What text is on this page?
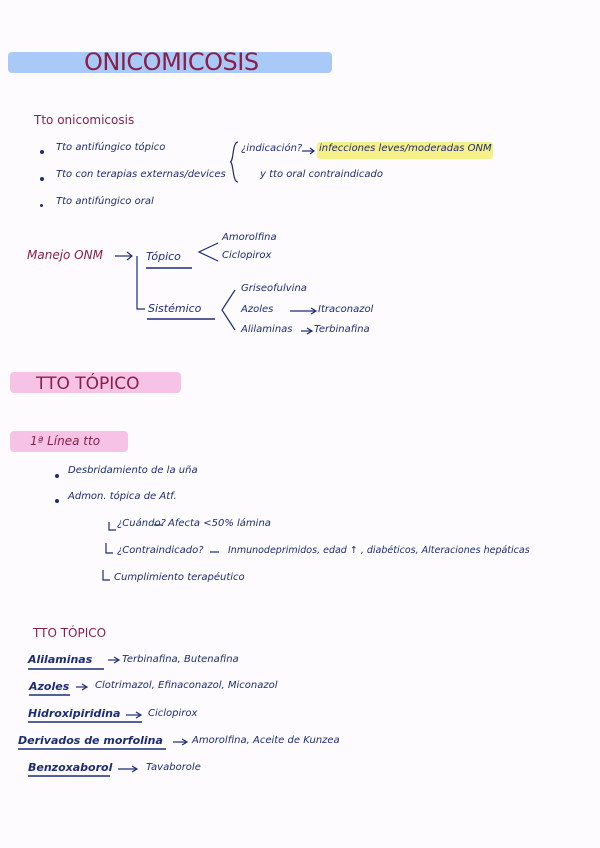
ONICOMICOSIS
Tto onicomicosis
Tto antifúngico tópico
Tto con terapias externas/devices
Tto antifúngico oral
¿indicación? infecciones leves/moderadas ONM
y tto oral contraindicado
Manejo ONM	Tópico
Amorolfina
Ciclopirox
Sistémico
Griseofulvina
Azoles
Alilaminas
Itraconazol
Terbinafina
TTO TÓPICO
1ª Línea tto
Desbridamiento de la uña
Admon. tópica de Atf.
¿Cuándo? Afecta <50% lámina
¿Contraindicado?	Inmunodeprimidos, edad ↑ , diabéticos, Alteraciones hepáticas
Cumplimiento terapéutico
TTO TÓPICO
Alilaminas	Terbinafina, Butenafina
Azoles	Clotrimazol, Efinaconazol, Miconazol
Hidroxipiridina	Ciclopirox
Derivados de morfolina	Amorolfina, Aceite de Kunzea
Benzoxaborol	Tavaborole
